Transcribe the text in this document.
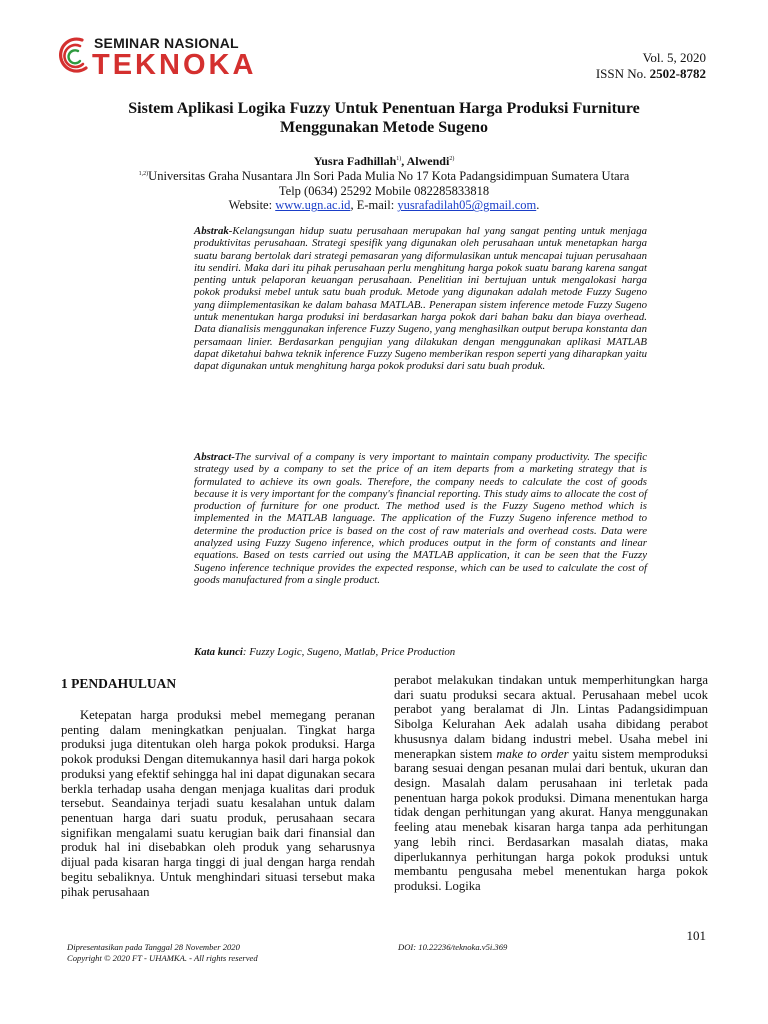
SEMINAR NASIONAL
TEKNOKA	Vol. 5, 2020
ISSN No. 2502-8782
Sistem Aplikasi Logika Fuzzy Untuk Penentuan Harga Produksi Furniture
Menggunakan Metode Sugeno
Yusra Fadhillah$^{1)}$, Alwendi$^{2)}$
$^{1,2)}$Universitas Graha Nusantara Jln Sori Pada Mulia No 17 Kota Padangsidimpuan Sumatera Utara
Telp (0634) 25292 Mobile 082285833818
Website: www.ugn.ac.id, E-mail: yusrafadilah05@gmail.com.
Abstrak-Kelangsungan hidup suatu perusahaan merupakan hal yang sangat penting untuk menjaga produktivitas perusahaan. Strategi spesifik yang digunakan oleh perusahaan untuk menetapkan harga suatu barang bertolak dari strategi pemasaran yang diformulasikan untuk mencapai tujuan perusahaan itu sendiri. Maka dari itu pihak perusahaan perlu menghitung harga pokok suatu barang karena sangat penting untuk pelaporan keuangan perusahaan. Penelitian ini bertujuan untuk mengalokasi harga pokok produksi mebel untuk satu buah produk. Metode yang digunakan adalah metode Fuzzy Sugeno yang diimplementasikan ke dalam bahasa MATLAB.. Penerapan sistem inference metode Fuzzy Sugeno untuk menentukan harga produksi ini berdasarkan harga pokok dari bahan baku dan biaya overhead. Data dianalisis menggunakan inference Fuzzy Sugeno, yang menghasilkan output berupa konstanta dan persamaan linier. Berdasarkan pengujian yang dilakukan dengan menggunakan aplikasi MATLAB dapat diketahui bahwa teknik inference Fuzzy Sugeno memberikan respon seperti yang diharapkan yaitu dapat digunakan untuk menghitung harga pokok produksi dari satu buah produk.
Abstract-The survival of a company is very important to maintain company productivity. The specific strategy used by a company to set the price of an item departs from a marketing strategy that is formulated to achieve its own goals. Therefore, the company needs to calculate the cost of goods because it is very important for the company's financial reporting. This study aims to allocate the cost of production of furniture for one product. The method used is the Fuzzy Sugeno method which is implemented in the MATLAB language. The application of the Fuzzy Sugeno inference method to determine the production price is based on the cost of raw materials and overhead costs. Data were analyzed using Fuzzy Sugeno inference, which produces output in the form of constants and linear equations. Based on tests carried out using the MATLAB application, it can be seen that the Fuzzy Sugeno inference technique provides the expected response, which can be used to calculate the cost of goods manufactured from a single product.
Kata kunci: Fuzzy Logic, Sugeno, Matlab, Price Production
1 PENDAHULUAN

Ketepatan harga produksi mebel memegang peranan penting dalam meningkatkan penjualan. Tingkat harga produksi juga ditentukan oleh harga pokok produksi. Harga pokok produksi Dengan ditemukannya hasil dari harga pokok produksi yang efektif sehingga hal ini dapat digunakan secara berkla terhadap usaha dengan menjaga kualitas dari produk tersebut. Seandainya terjadi suatu kesalahan untuk dalam penentuan harga dari suatu produk, perusahaan secara signifikan mengalami suatu kerugian baik dari finansial dan produk hal ini disebabkan oleh produk yang seharusnya dijual pada kisaran harga tinggi di jual dengan harga rendah begitu sebaliknya. Untuk menghindari situasi tersebut maka pihak perusahaan

perabot melakukan tindakan untuk memperhitungkan harga dari suatu produksi secara aktual. Perusahaan mebel ucok perabot yang beralamat di Jln. Lintas Padangsidimpuan Sibolga Kelurahan Aek adalah usaha dibidang perabot khususnya dalam bidang industri mebel. Usaha mebel ini menerapkan sistem make to order yaitu sistem memproduksi barang sesuai dengan pesanan mulai dari bentuk, ukuran dan design. Masalah dalam perusahaan ini terletak pada penentuan harga pokok produksi. Dimana menentukan harga tidak dengan perhitungan yang akurat. Hanya menggunakan feeling atau menebak kisaran harga tanpa ada perhitungan yang lebih rinci. Berdasarkan masalah diatas, maka diperlukannya perhitungan harga pokok produksi untuk membantu pengusaha mebel menentukan harga pokok produksi. Logika

101
Dipresentasikan pada Tanggal 28 November 2020
Copyright © 2020 FT - UHAMKA. - All rights reserved
DOI: 10.22236/teknoka.v5i.369
